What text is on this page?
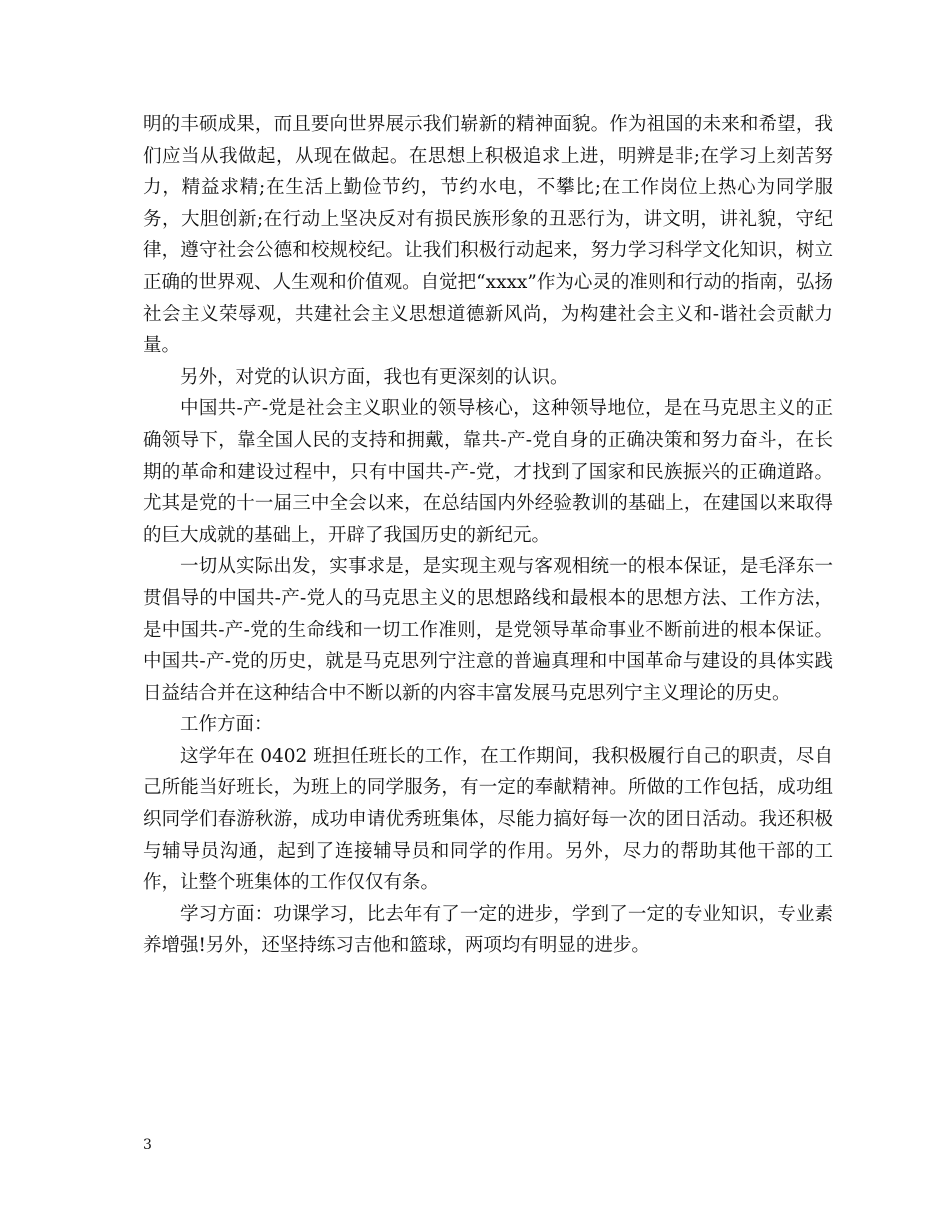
明的丰硕成果，而且要向世界展示我们崭新的精神面貌。作为祖国的未来和希望，我们应当从我做起，从现在做起。在思想上积极追求上进，明辨是非;在学习上刻苦努力，精益求精;在生活上勤俭节约，节约水电，不攀比;在工作岗位上热心为同学服务，大胆创新;在行动上坚决反对有损民族形象的丑恶行为，讲文明，讲礼貌，守纪律，遵守社会公德和校规校纪。让我们积极行动起来，努力学习科学文化知识，树立正确的世界观、人生观和价值观。自觉把“xxxx”作为心灵的准则和行动的指南，弘扬社会主义荣辱观，共建社会主义思想道德新风尚，为构建社会主义和-谐社会贡献力量。

另外，对党的认识方面，我也有更深刻的认识。

中国共-产-党是社会主义职业的领导核心，这种领导地位，是在马克思主义的正确领导下，靠全国人民的支持和拥戴，靠共-产-党自身的正确决策和努力奋斗，在长期的革命和建设过程中，只有中国共-产-党，才找到了国家和民族振兴的正确道路。尤其是党的十一届三中全会以来，在总结国内外经验教训的基础上，在建国以来取得的巨大成就的基础上，开辟了我国历史的新纪元。

一切从实际出发，实事求是，是实现主观与客观相统一的根本保证，是毛泽东一贯倡导的中国共-产-党人的马克思主义的思想路线和最根本的思想方法、工作方法，是中国共-产-党的生命线和一切工作准则，是党领导革命事业不断前进的根本保证。中国共-产-党的历史，就是马克思列宁注意的普遍真理和中国革命与建设的具体实践日益结合并在这种结合中不断以新的内容丰富发展马克思列宁主义理论的历史。

工作方面：

这学年在 0402 班担任班长的工作，在工作期间，我积极履行自己的职责，尽自己所能当好班长，为班上的同学服务，有一定的奉献精神。所做的工作包括，成功组织同学们春游秋游，成功申请优秀班集体，尽能力搞好每一次的团日活动。我还积极与辅导员沟通，起到了连接辅导员和同学的作用。另外，尽力的帮助其他干部的工作，让整个班集体的工作仅仅有条。

学习方面：功课学习，比去年有了一定的进步，学到了一定的专业知识，专业素养增强!另外，还坚持练习吉他和篮球，两项均有明显的进步。

3
